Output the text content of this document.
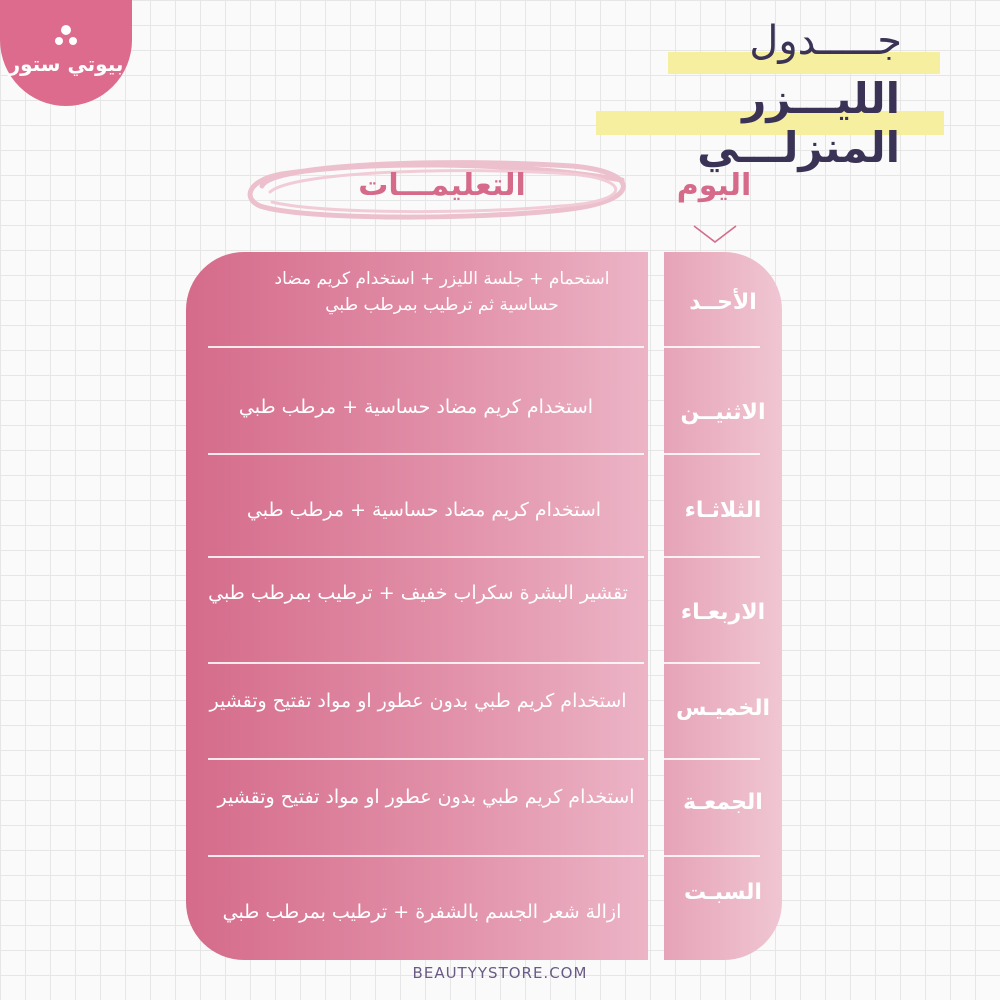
بيوتي ستور	جـــــدول
الليـــزر المنزلـــي
التعليمـــات	اليوم
استحمام + جلسة الليزر + استخدام كريم مضاد حساسية ثم ترطيب بمرطب طبي
استخدام كريم مضاد حساسية + مرطب طبي
استخدام كريم مضاد حساسية + مرطب طبي
تقشير البشرة سكراب خفيف + ترطيب بمرطب طبي
استخدام كريم طبي بدون عطور او مواد تفتيح وتقشير
استخدام كريم طبي بدون عطور او مواد تفتيح وتقشير
ازالة شعر الجسم بالشفرة + ترطيب بمرطب طبي
الأحــد
الاثنيــن
الثلاثـاء
الاربعـاء
الخميـس
الجمعـة
السبـت
BEAUTYYSTORE.COM
